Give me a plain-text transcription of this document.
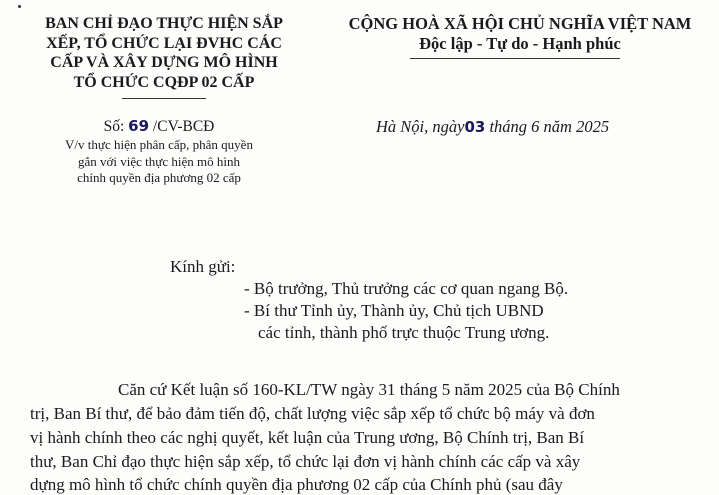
BAN CHỈ ĐẠO THỰC HIỆN SẮP
XẾP, TỔ CHỨC LẠI ĐVHC CÁC
CẤP VÀ XÂY DỰNG MÔ HÌNH
TỔ CHỨC CQĐP 02 CẤP
CỘNG HOÀ XÃ HỘI CHỦ NGHĨA VIỆT NAM
Độc lập - Tự do - Hạnh phúc
Số: 69 /CV-BCĐ
V/v thực hiện phân cấp, phân quyền
gắn với việc thực hiện mô hình
chính quyền địa phương 02 cấp
Hà Nội, ngày03 tháng 6 năm 2025
Kính gửi:
- Bộ trưởng, Thủ trưởng các cơ quan ngang Bộ.
- Bí thư Tỉnh ủy, Thành ủy, Chủ tịch UBND
các tỉnh, thành phố trực thuộc Trung ương.
Căn cứ Kết luận số 160-KL/TW ngày 31 tháng 5 năm 2025 của Bộ Chính
trị, Ban Bí thư, để bảo đảm tiến độ, chất lượng việc sắp xếp tổ chức bộ máy và đơn
vị hành chính theo các nghị quyết, kết luận của Trung ương, Bộ Chính trị, Ban Bí
thư, Ban Chỉ đạo thực hiện sắp xếp, tổ chức lại đơn vị hành chính các cấp và xây
dựng mô hình tổ chức chính quyền địa phương 02 cấp của Chính phủ (sau đây
